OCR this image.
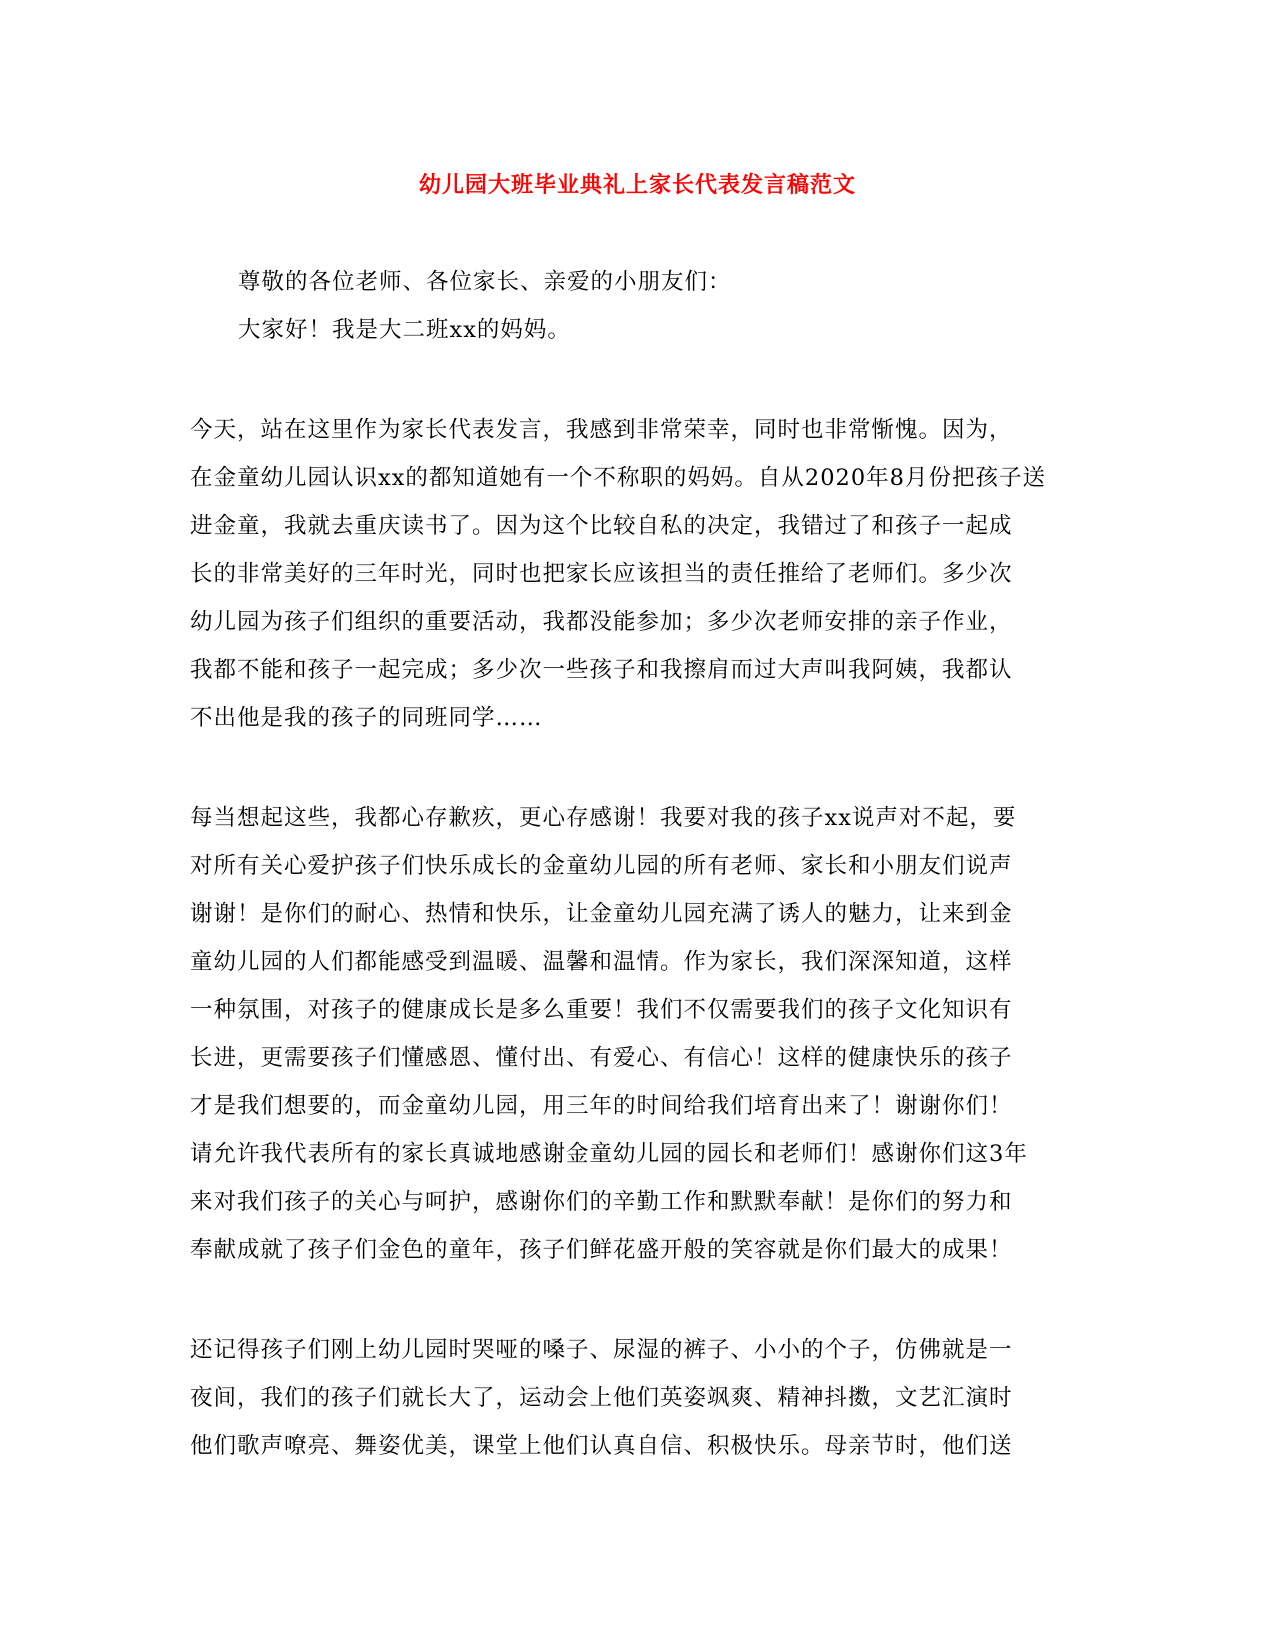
幼儿园大班毕业典礼上家长代表发言稿范文
尊敬的各位老师、各位家长、亲爱的小朋友们：
大家好！我是大二班xx的妈妈。
今天，站在这里作为家长代表发言，我感到非常荣幸，同时也非常惭愧。因为，
在金童幼儿园认识xx的都知道她有一个不称职的妈妈。自从2020年8月份把孩子送
进金童，我就去重庆读书了。因为这个比较自私的决定，我错过了和孩子一起成
长的非常美好的三年时光，同时也把家长应该担当的责任推给了老师们。多少次
幼儿园为孩子们组织的重要活动，我都没能参加；多少次老师安排的亲子作业，
我都不能和孩子一起完成；多少次一些孩子和我擦肩而过大声叫我阿姨，我都认
不出他是我的孩子的同班同学……
每当想起这些，我都心存歉疚，更心存感谢！我要对我的孩子xx说声对不起，要
对所有关心爱护孩子们快乐成长的金童幼儿园的所有老师、家长和小朋友们说声
谢谢！是你们的耐心、热情和快乐，让金童幼儿园充满了诱人的魅力，让来到金
童幼儿园的人们都能感受到温暖、温馨和温情。作为家长，我们深深知道，这样
一种氛围，对孩子的健康成长是多么重要！我们不仅需要我们的孩子文化知识有
长进，更需要孩子们懂感恩、懂付出、有爱心、有信心！这样的健康快乐的孩子
才是我们想要的，而金童幼儿园，用三年的时间给我们培育出来了！谢谢你们！
请允许我代表所有的家长真诚地感谢金童幼儿园的园长和老师们！感谢你们这3年
来对我们孩子的关心与呵护，感谢你们的辛勤工作和默默奉献！是你们的努力和
奉献成就了孩子们金色的童年，孩子们鲜花盛开般的笑容就是你们最大的成果！
还记得孩子们刚上幼儿园时哭哑的嗓子、尿湿的裤子、小小的个子，仿佛就是一
夜间，我们的孩子们就长大了，运动会上他们英姿飒爽、精神抖擞，文艺汇演时
他们歌声嘹亮、舞姿优美，课堂上他们认真自信、积极快乐。母亲节时，他们送
